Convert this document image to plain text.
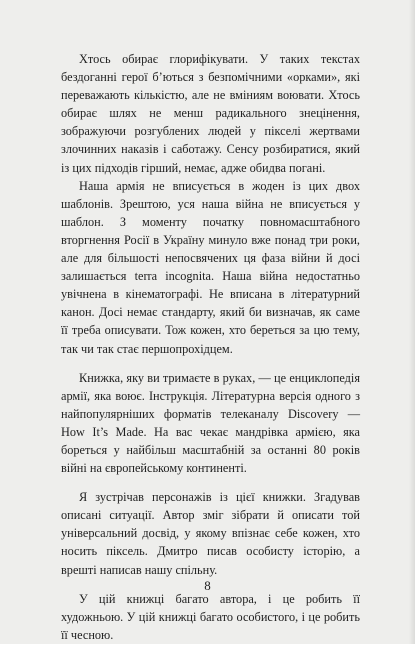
Хтось обирає глорифікувати. У таких текстах бездоганні герої б’ються з безпомічними «орками», які переважають кількістю, але не вміниям воювати. Хтось обирає шлях не менш радикального знецінення, зображуючи розгублених людей у пікселі жертвами злочинних наказів і саботажу. Сенсу розбиратися, який із цих підходів гірший, немає, адже обидва погані.

Наша армія не вписується в жоден із цих двох шаблонів. Зрештою, уся наша війна не вписується у шаблон. З моменту початку повномасштабного вторгнення Росії в Україну минуло вже понад три роки, але для більшості непосвячених ця фаза війни й досі залишається terra incognita. Наша війна недостатньо увічнена в кінематографі. Не вписана в літературний канон. Досі немає стандарту, який би визначав, як саме її треба описувати. Тож кожен, хто береться за цю тему, так чи так стає першопрохідцем.

Книжка, яку ви тримаєте в руках, — це енциклопедія армії, яка воює. Інструкція. Літературна версія одного з найпопулярніших форматів телеканалу Discovery — How It’s Made. На вас чекає мандрівка армією, яка бореться у найбільш масштабній за останні 80 років війні на європейському континенті.

Я зустрічав персонажів із цієї книжки. Згадував описані ситуації. Автор зміг зібрати й описати той універсальний досвід, у якому впізнає себе кожен, хто носить піксель. Дмитро писав особисту історію, а врешті написав нашу спільну.

У цій книжці багато автора, і це робить її художньою. У цій книжці багато особистого, і це робить її чесною.

8
